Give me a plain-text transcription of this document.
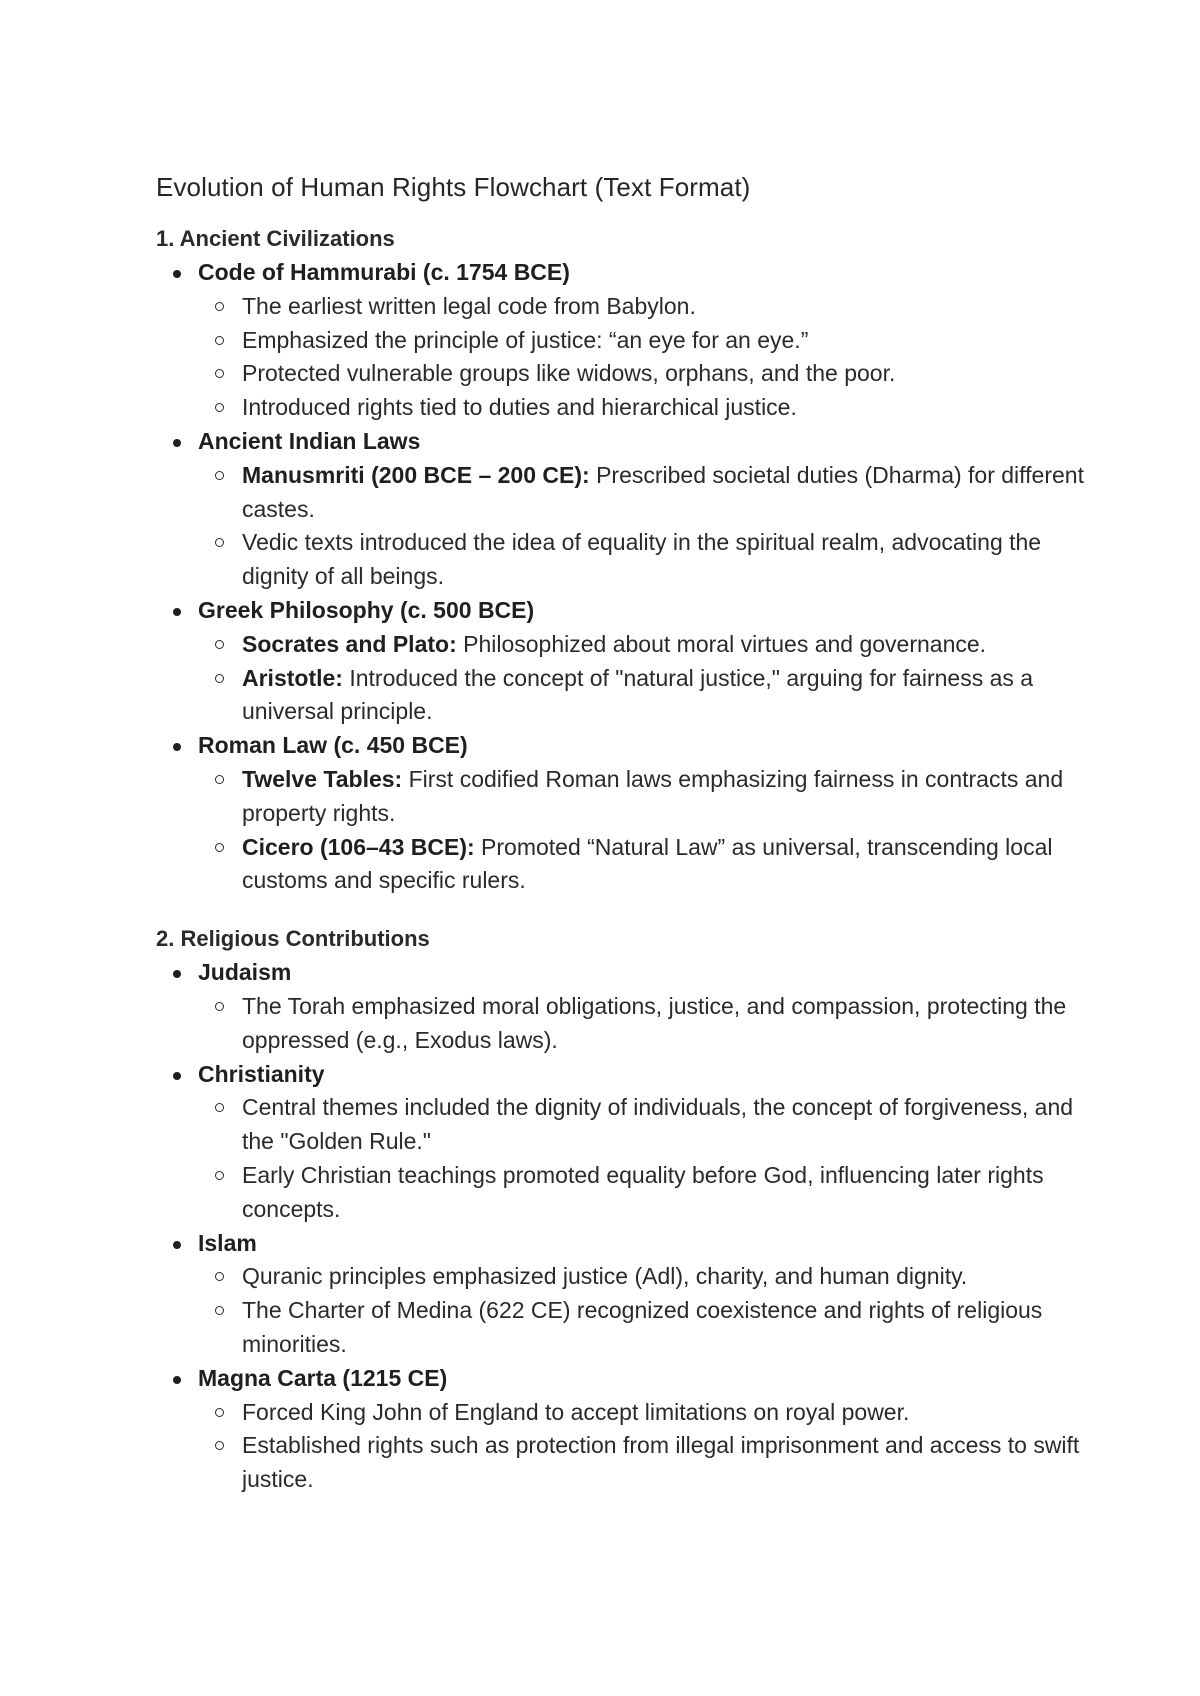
Evolution of Human Rights Flowchart (Text Format)
1. Ancient Civilizations
Code of Hammurabi (c. 1754 BCE)
The earliest written legal code from Babylon.
Emphasized the principle of justice: “an eye for an eye.”
Protected vulnerable groups like widows, orphans, and the poor.
Introduced rights tied to duties and hierarchical justice.
Ancient Indian Laws
Manusmriti (200 BCE – 200 CE): Prescribed societal duties (Dharma) for different castes.
Vedic texts introduced the idea of equality in the spiritual realm, advocating the dignity of all beings.
Greek Philosophy (c. 500 BCE)
Socrates and Plato: Philosophized about moral virtues and governance.
Aristotle: Introduced the concept of "natural justice," arguing for fairness as a universal principle.
Roman Law (c. 450 BCE)
Twelve Tables: First codified Roman laws emphasizing fairness in contracts and property rights.
Cicero (106–43 BCE): Promoted “Natural Law” as universal, transcending local customs and specific rulers.
2. Religious Contributions
Judaism
The Torah emphasized moral obligations, justice, and compassion, protecting the oppressed (e.g., Exodus laws).
Christianity
Central themes included the dignity of individuals, the concept of forgiveness, and the "Golden Rule."
Early Christian teachings promoted equality before God, influencing later rights concepts.
Islam
Quranic principles emphasized justice (Adl), charity, and human dignity.
The Charter of Medina (622 CE) recognized coexistence and rights of religious minorities.
Magna Carta (1215 CE)
Forced King John of England to accept limitations on royal power.
Established rights such as protection from illegal imprisonment and access to swift justice.
